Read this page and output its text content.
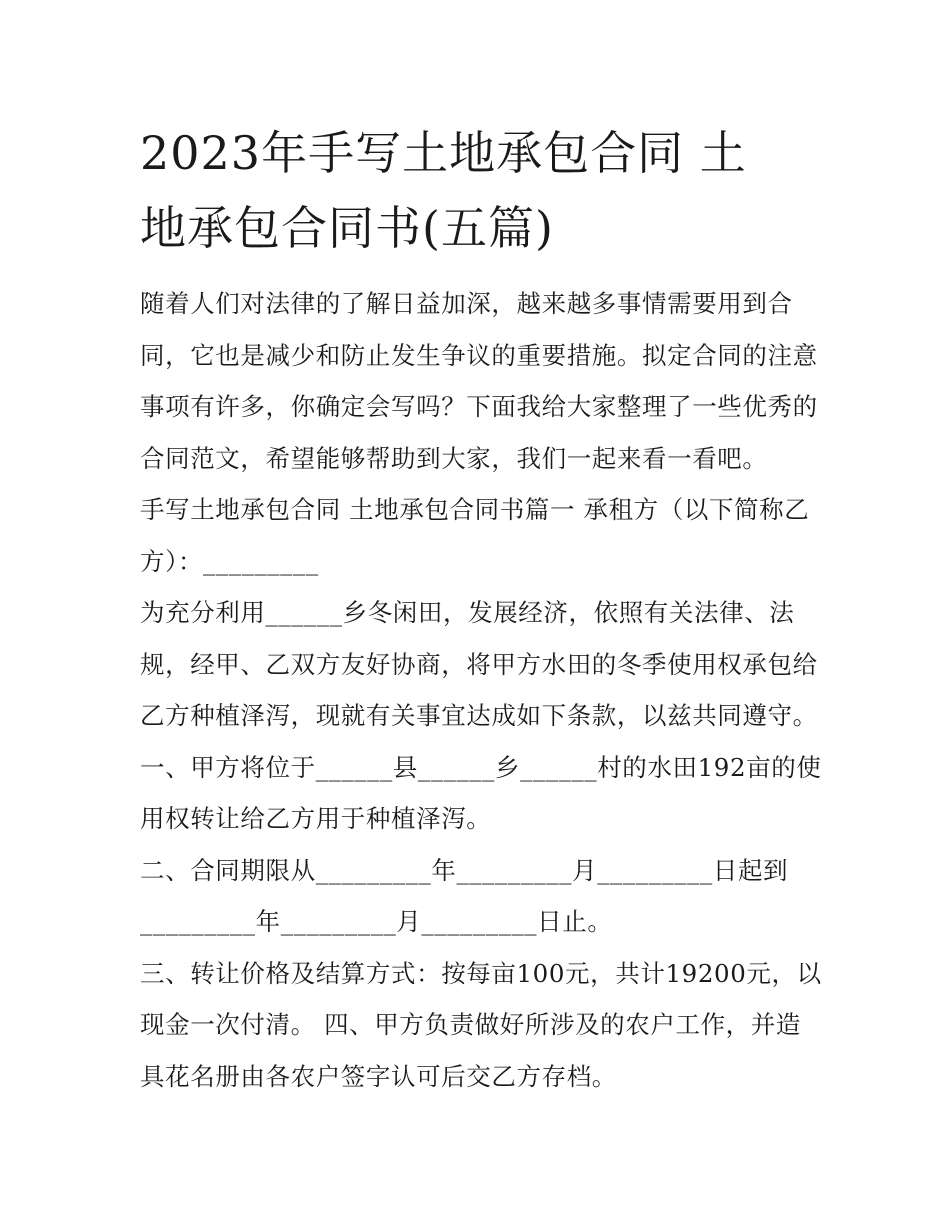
2023年手写土地承包合同 土
地承包合同书(五篇)

随着人们对法律的了解日益加深，越来越多事情需要用到合
同，它也是减少和防止发生争议的重要措施。拟定合同的注意
事项有许多，你确定会写吗？下面我给大家整理了一些优秀的
合同范文，希望能够帮助到大家，我们一起来看一看吧。

手写土地承包合同 土地承包合同书篇一 承租方（以下简称乙
方）：_________

为充分利用______乡冬闲田，发展经济，依照有关法律、法
规，经甲、乙双方友好协商，将甲方水田的冬季使用权承包给
乙方种植泽泻，现就有关事宜达成如下条款，以兹共同遵守。

一、甲方将位于______县______乡______村的水田192亩的使
用权转让给乙方用于种植泽泻。

二、合同期限从_________年_________月_________日起到
_________年_________月_________日止。

三、转让价格及结算方式：按每亩100元，共计19200元，以
现金一次付清。 四、甲方负责做好所涉及的农户工作，并造
具花名册由各农户签字认可后交乙方存档。
